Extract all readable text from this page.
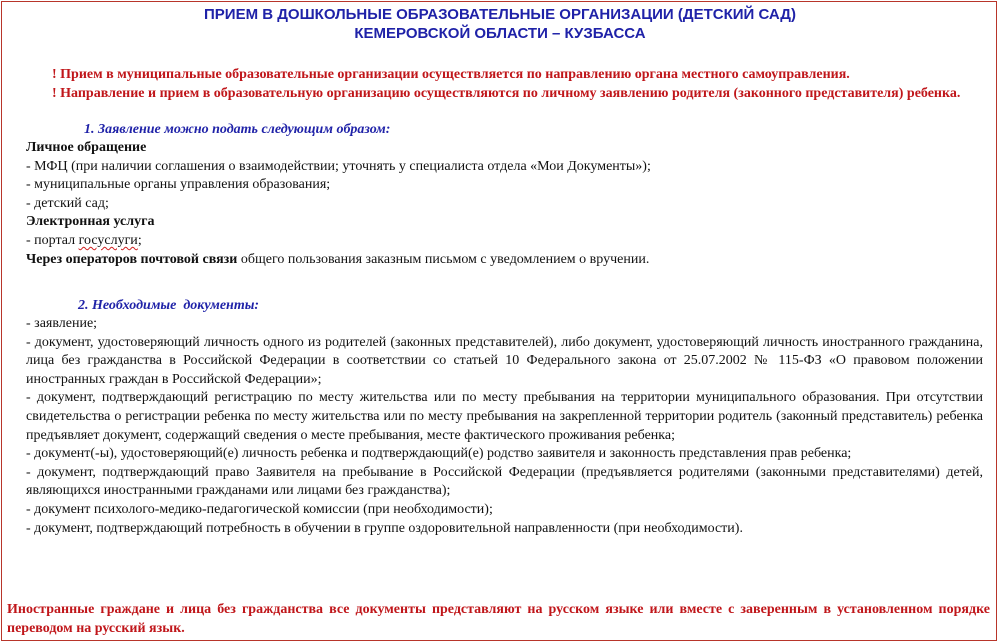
ПРИЕМ В ДОШКОЛЬНЫЕ ОБРАЗОВАТЕЛЬНЫЕ ОРГАНИЗАЦИИ (ДЕТСКИЙ САД)
КЕМЕРОВСКОЙ ОБЛАСТИ – КУЗБАССА

! Прием в муниципальные образовательные организации осуществляется по направлению органа местного самоуправления.

! Направление и прием в образовательную организацию осуществляются по личному заявлению родителя (законного представителя) ребенка.

1. Заявление можно подать следующим образом:

Личное обращение

- МФЦ (при наличии соглашения о взаимодействии; уточнять у специалиста отдела «Мои Документы»);

- муниципальные органы управления образования;

- детский сад;

Электронная услуга

- портал госуслуги;

Через операторов почтовой связи общего пользования заказным письмом с уведомлением о вручении.

2. Необходимые документы:

- заявление;

- документ, удостоверяющий личность одного из родителей (законных представителей), либо документ, удостоверяющий личность иностранного гражданина, лица без гражданства в Российской Федерации в соответствии со статьей 10 Федерального закона от 25.07.2002 № 115-ФЗ «О правовом положении иностранных граждан в Российской Федерации»;

- документ, подтверждающий регистрацию по месту жительства или по месту пребывания на территории муниципального образования. При отсутствии свидетельства о регистрации ребенка по месту жительства или по месту пребывания на закрепленной территории родитель (законный представитель) ребенка предъявляет документ, содержащий сведения о месте пребывания, месте фактического проживания ребенка;

- документ(-ы), удостоверяющий(е) личность ребенка и подтверждающий(е) родство заявителя и законность представления прав ребенка;

- документ, подтверждающий право Заявителя на пребывание в Российской Федерации (предъявляется родителями (законными представителями) детей, являющихся иностранными гражданами или лицами без гражданства);

- документ психолого-медико-педагогической комиссии (при необходимости);

- документ, подтверждающий потребность в обучении в группе оздоровительной направленности (при необходимости).

Иностранные граждане и лица без гражданства все документы представляют на русском языке или вместе с заверенным в установленном порядке переводом на русский язык.
